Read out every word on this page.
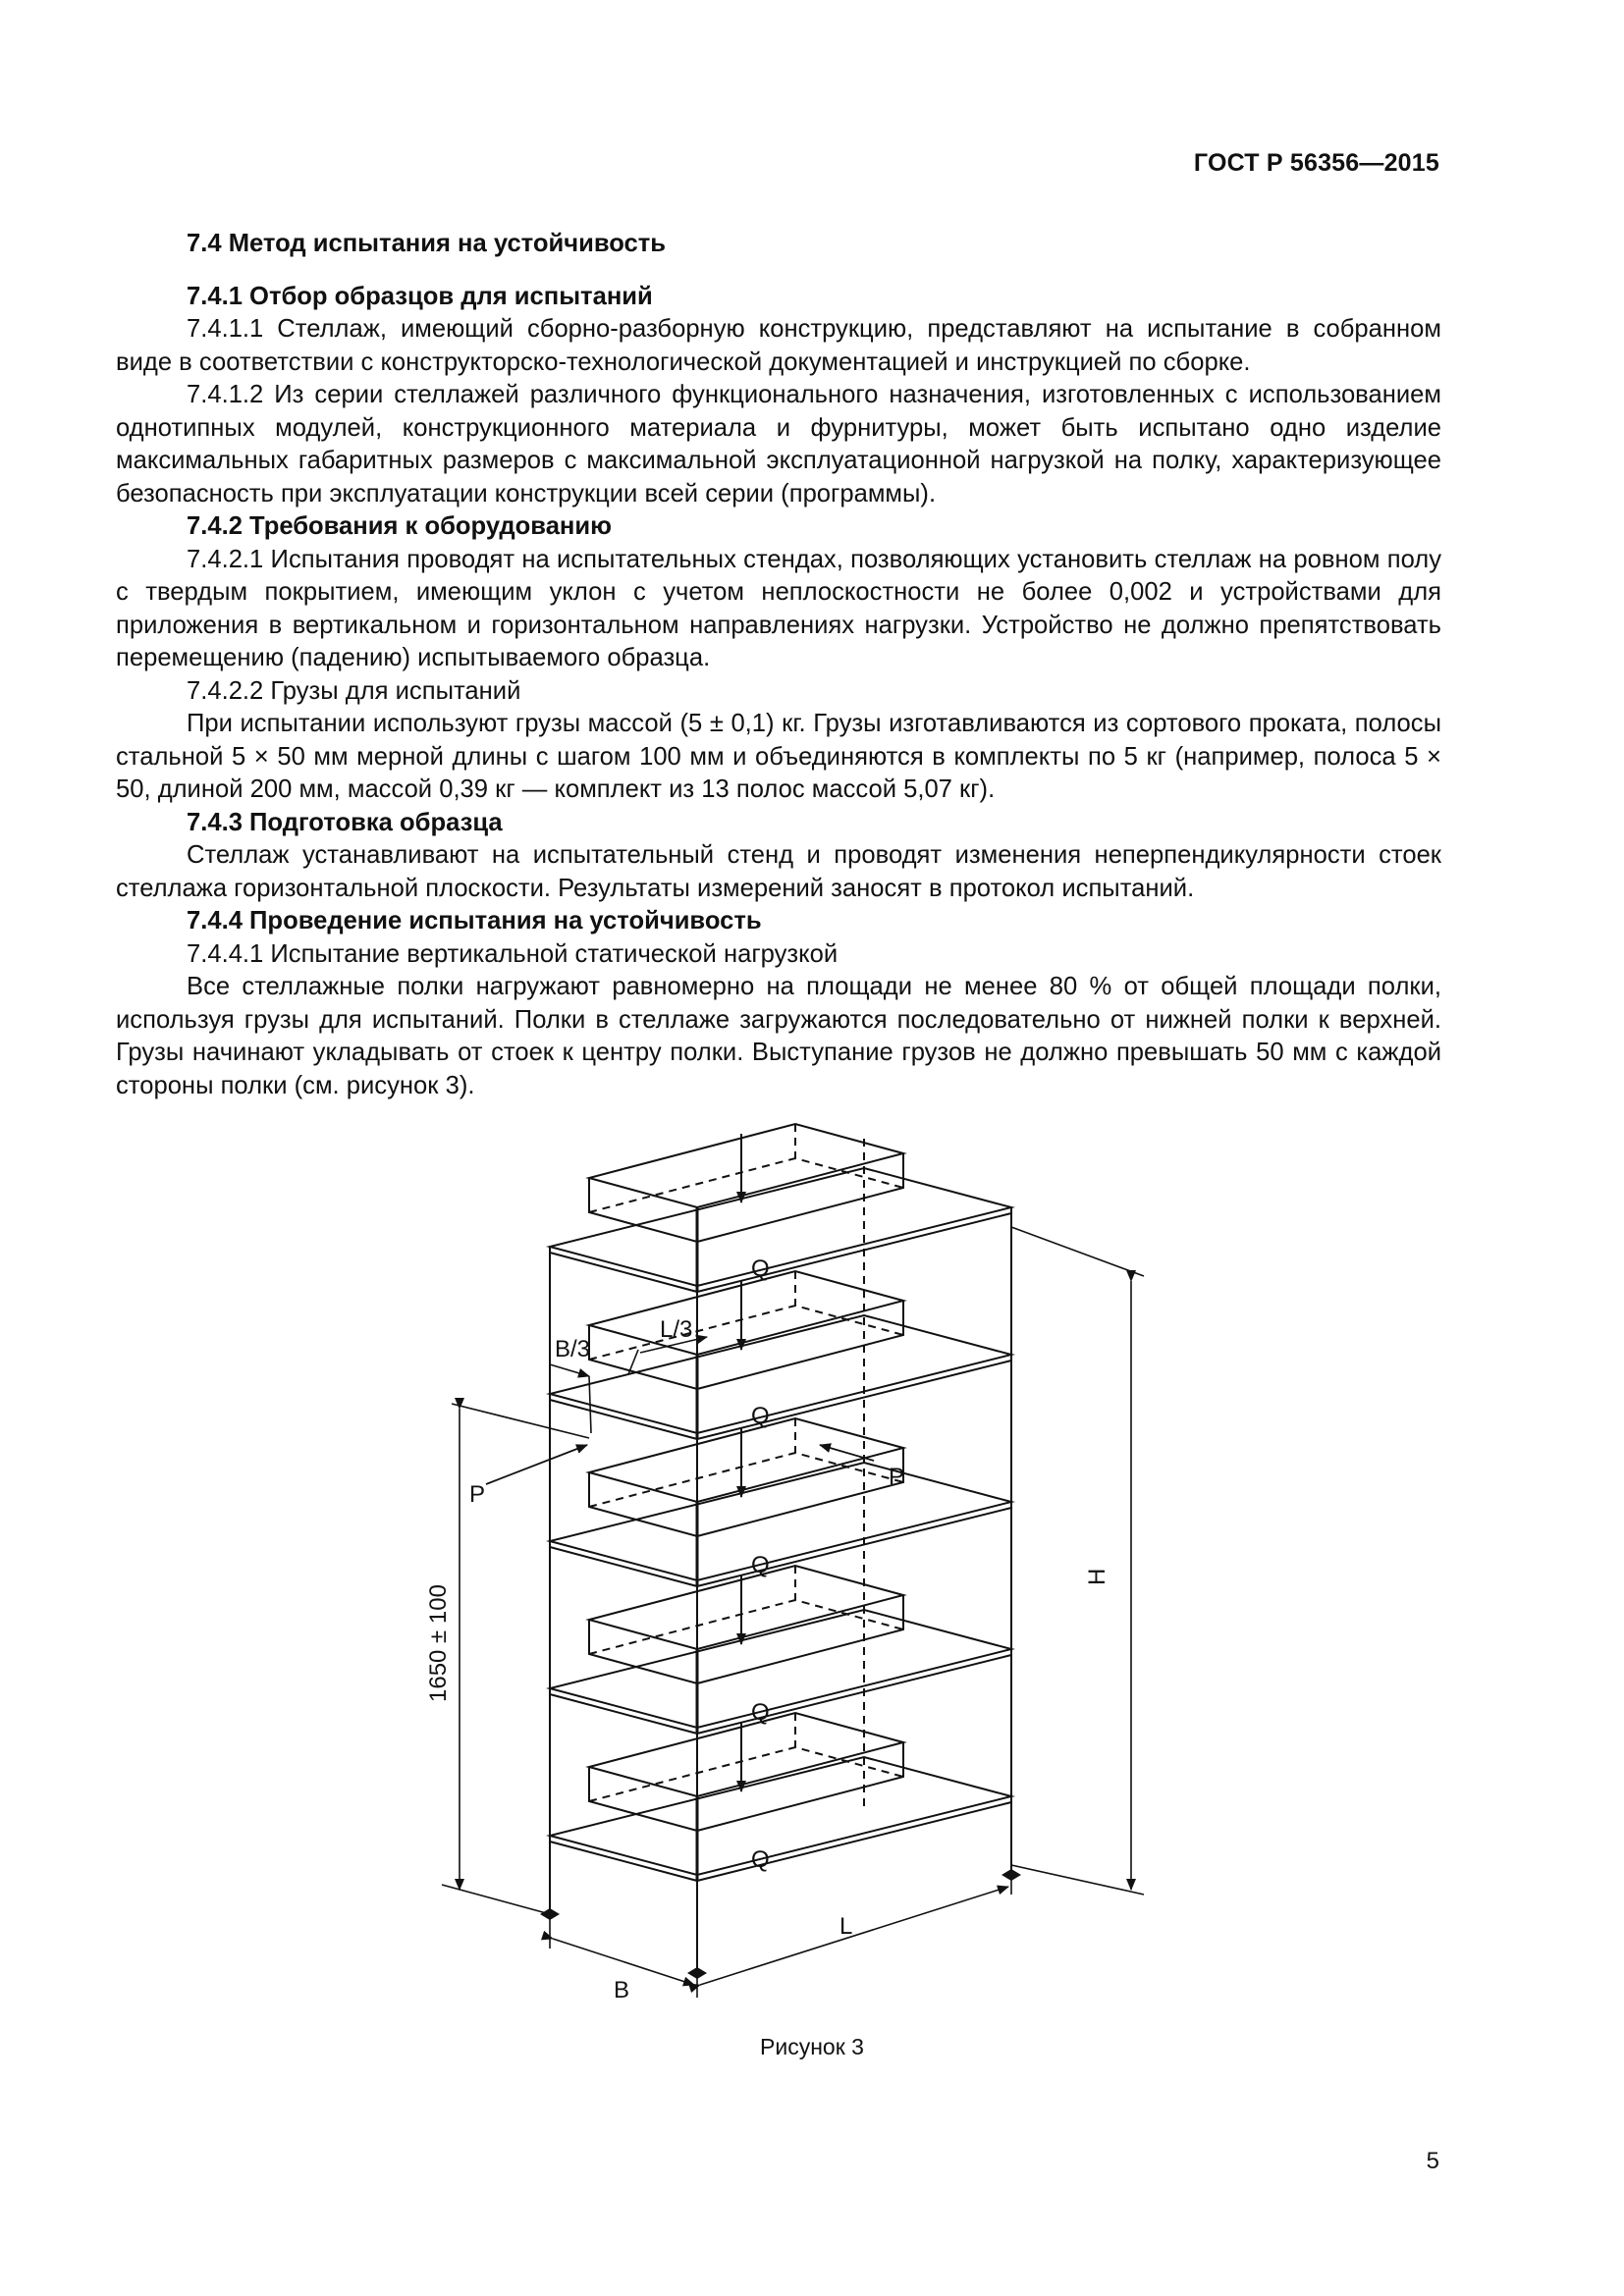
ГОСТ Р 56356—2015

7.4 Метод испытания на устойчивость

7.4.1 Отбор образцов для испытаний

7.4.1.1 Стеллаж, имеющий сборно-разборную конструкцию, представляют на испытание в собранном виде в соответствии с конструкторско-технологической документацией и инструкцией по сборке.

7.4.1.2 Из серии стеллажей различного функционального назначения, изготовленных с использованием однотипных модулей, конструкционного материала и фурнитуры, может быть испытано одно изделие максимальных габаритных размеров с максимальной эксплуатационной нагрузкой на полку, характеризующее безопасность при эксплуатации конструкции всей серии (программы).

7.4.2 Требования к оборудованию

7.4.2.1 Испытания проводят на испытательных стендах, позволяющих установить стеллаж на ровном полу с твердым покрытием, имеющим уклон с учетом неплоскостности не более 0,002 и устройствами для приложения в вертикальном и горизонтальном направлениях нагрузки. Устройство не должно препятствовать перемещению (падению) испытываемого образца.

7.4.2.2 Грузы для испытаний

При испытании используют грузы массой (5 ± 0,1) кг. Грузы изготавливаются из сортового проката, полосы стальной 5 × 50 мм мерной длины с шагом 100 мм и объединяются в комплекты по 5 кг (например, полоса 5 × 50, длиной 200 мм, массой 0,39 кг — комплект из 13 полос массой 5,07 кг).

7.4.3 Подготовка образца

Стеллаж устанавливают на испытательный стенд и проводят изменения неперпендикулярности стоек стеллажа горизонтальной плоскости. Результаты измерений заносят в протокол испытаний.

7.4.4 Проведение испытания на устойчивость

7.4.4.1 Испытание вертикальной статической нагрузкой

Все стеллажные полки нагружают равномерно на площади не менее 80 % от общей площади полки, используя грузы для испытаний. Полки в стеллаже загружаются последовательно от нижней полки к верхней. Грузы начинают укладывать от стоек к центру полки. Выступание грузов не должно превышать 50 мм с каждой стороны полки (см. рисунок 3).

H
1650 ± 100
B
L
L/3
B/3
P
P
Q
Q
Q
Q
Q
Рисунок 3
5
